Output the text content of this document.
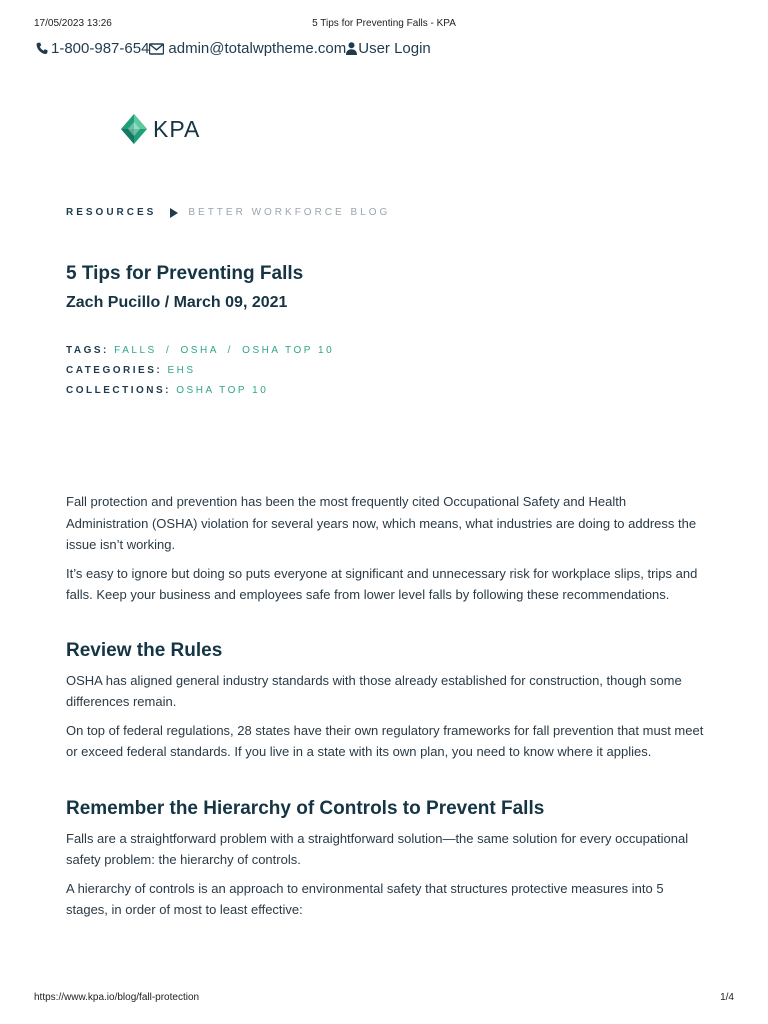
17/05/2023 13:26	5 Tips for Preventing Falls - KPA
1-800-987-654 admin@totalwptheme.com User Login
KPA
RESOURCES	BETTER WORKFORCE BLOG
5 Tips for Preventing Falls
Zach Pucillo / March 09, 2021
TAGS: FALLS / OSHA / OSHA TOP 10
CATEGORIES: EHS
COLLECTIONS: OSHA TOP 10

Fall protection and prevention has been the most frequently cited Occupational Safety and Health Administration (OSHA) violation for several years now, which means, what industries are doing to address the issue isn’t working.

It’s easy to ignore but doing so puts everyone at significant and unnecessary risk for workplace slips, trips and falls. Keep your business and employees safe from lower level falls by following these recommendations.

Review the Rules

OSHA has aligned general industry standards with those already established for construction, though some differences remain.

On top of federal regulations, 28 states have their own regulatory frameworks for fall prevention that must meet or exceed federal standards. If you live in a state with its own plan, you need to know where it applies.

Remember the Hierarchy of Controls to Prevent Falls

Falls are a straightforward problem with a straightforward solution—the same solution for every occupational safety problem: the hierarchy of controls.

A hierarchy of controls is an approach to environmental safety that structures protective measures into 5 stages, in order of most to least effective:

https://www.kpa.io/blog/fall-protection	1/4
